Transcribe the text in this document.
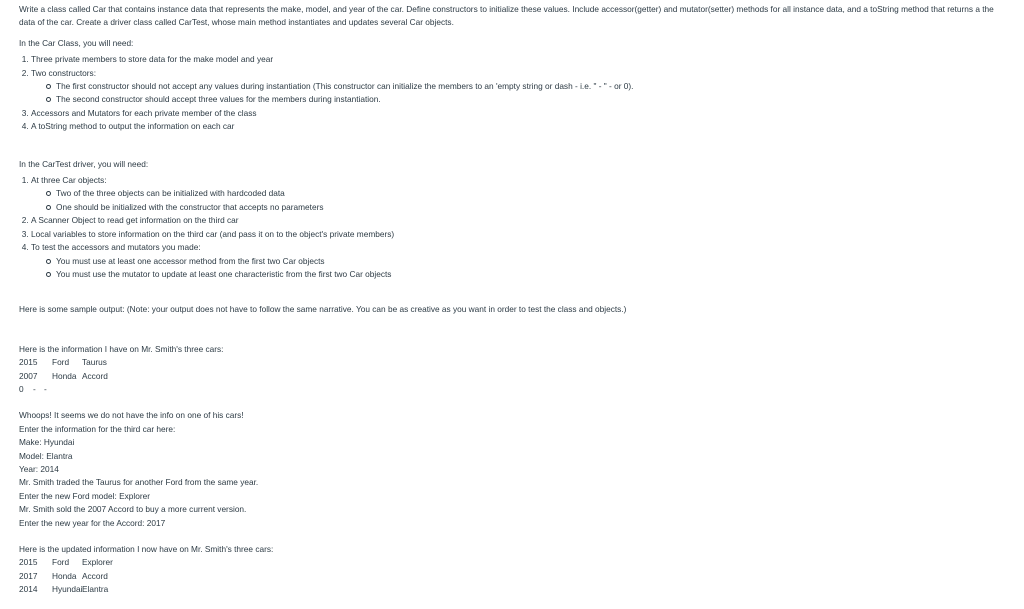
Write a class called Car that contains instance data that represents the make, model, and year of the car. Define constructors to initialize these values. Include accessor(getter) and mutator(setter) methods for all instance data, and a toString method that returns a the data of the car. Create a driver class called CarTest, whose main method instantiates and updates several Car objects.

In the Car Class, you will need:

1. Three private members to store data for the make model and year
2. Two constructors:
The first constructor should not accept any values during instantiation (This constructor can initialize the members to an 'empty string or dash - i.e. " - " - or 0).
The second constructor should accept three values for the members during instantiation.
3. Accessors and Mutators for each private member of the class
4. A toString method to output the information on each car

In the CarTest driver, you will need:

1. At three Car objects:
Two of the three objects can be initialized with hardcoded data
One should be initialized with the constructor that accepts no parameters
2. A Scanner Object to read get information on the third car
3. Local variables to store information on the third car (and pass it on to the object's private members)
4. To test the accessors and mutators you made:
You must use at least one accessor method from the first two Car objects
You must use the mutator to update at least one characteristic from the first two Car objects

Here is some sample output: (Note: your output does not have to follow the same narrative. You can be as creative as you want in order to test the class and objects.)

Here is the information I have on Mr. Smith's three cars:

2015 Ford Taurus
2007 Honda Accord
0 - -

Whoops! It seems we do not have the info on one of his cars!

Enter the information for the third car here:

Make: Hyundai

Model: Elantra

Year: 2014

Mr. Smith traded the Taurus for another Ford from the same year.

Enter the new Ford model: Explorer

Mr. Smith sold the 2007 Accord to buy a more current version.

Enter the new year for the Accord: 2017

Here is the updated information I now have on Mr. Smith's three cars:

2015 Ford Explorer
2017 Honda Accord
2014 HyundaiElantra
